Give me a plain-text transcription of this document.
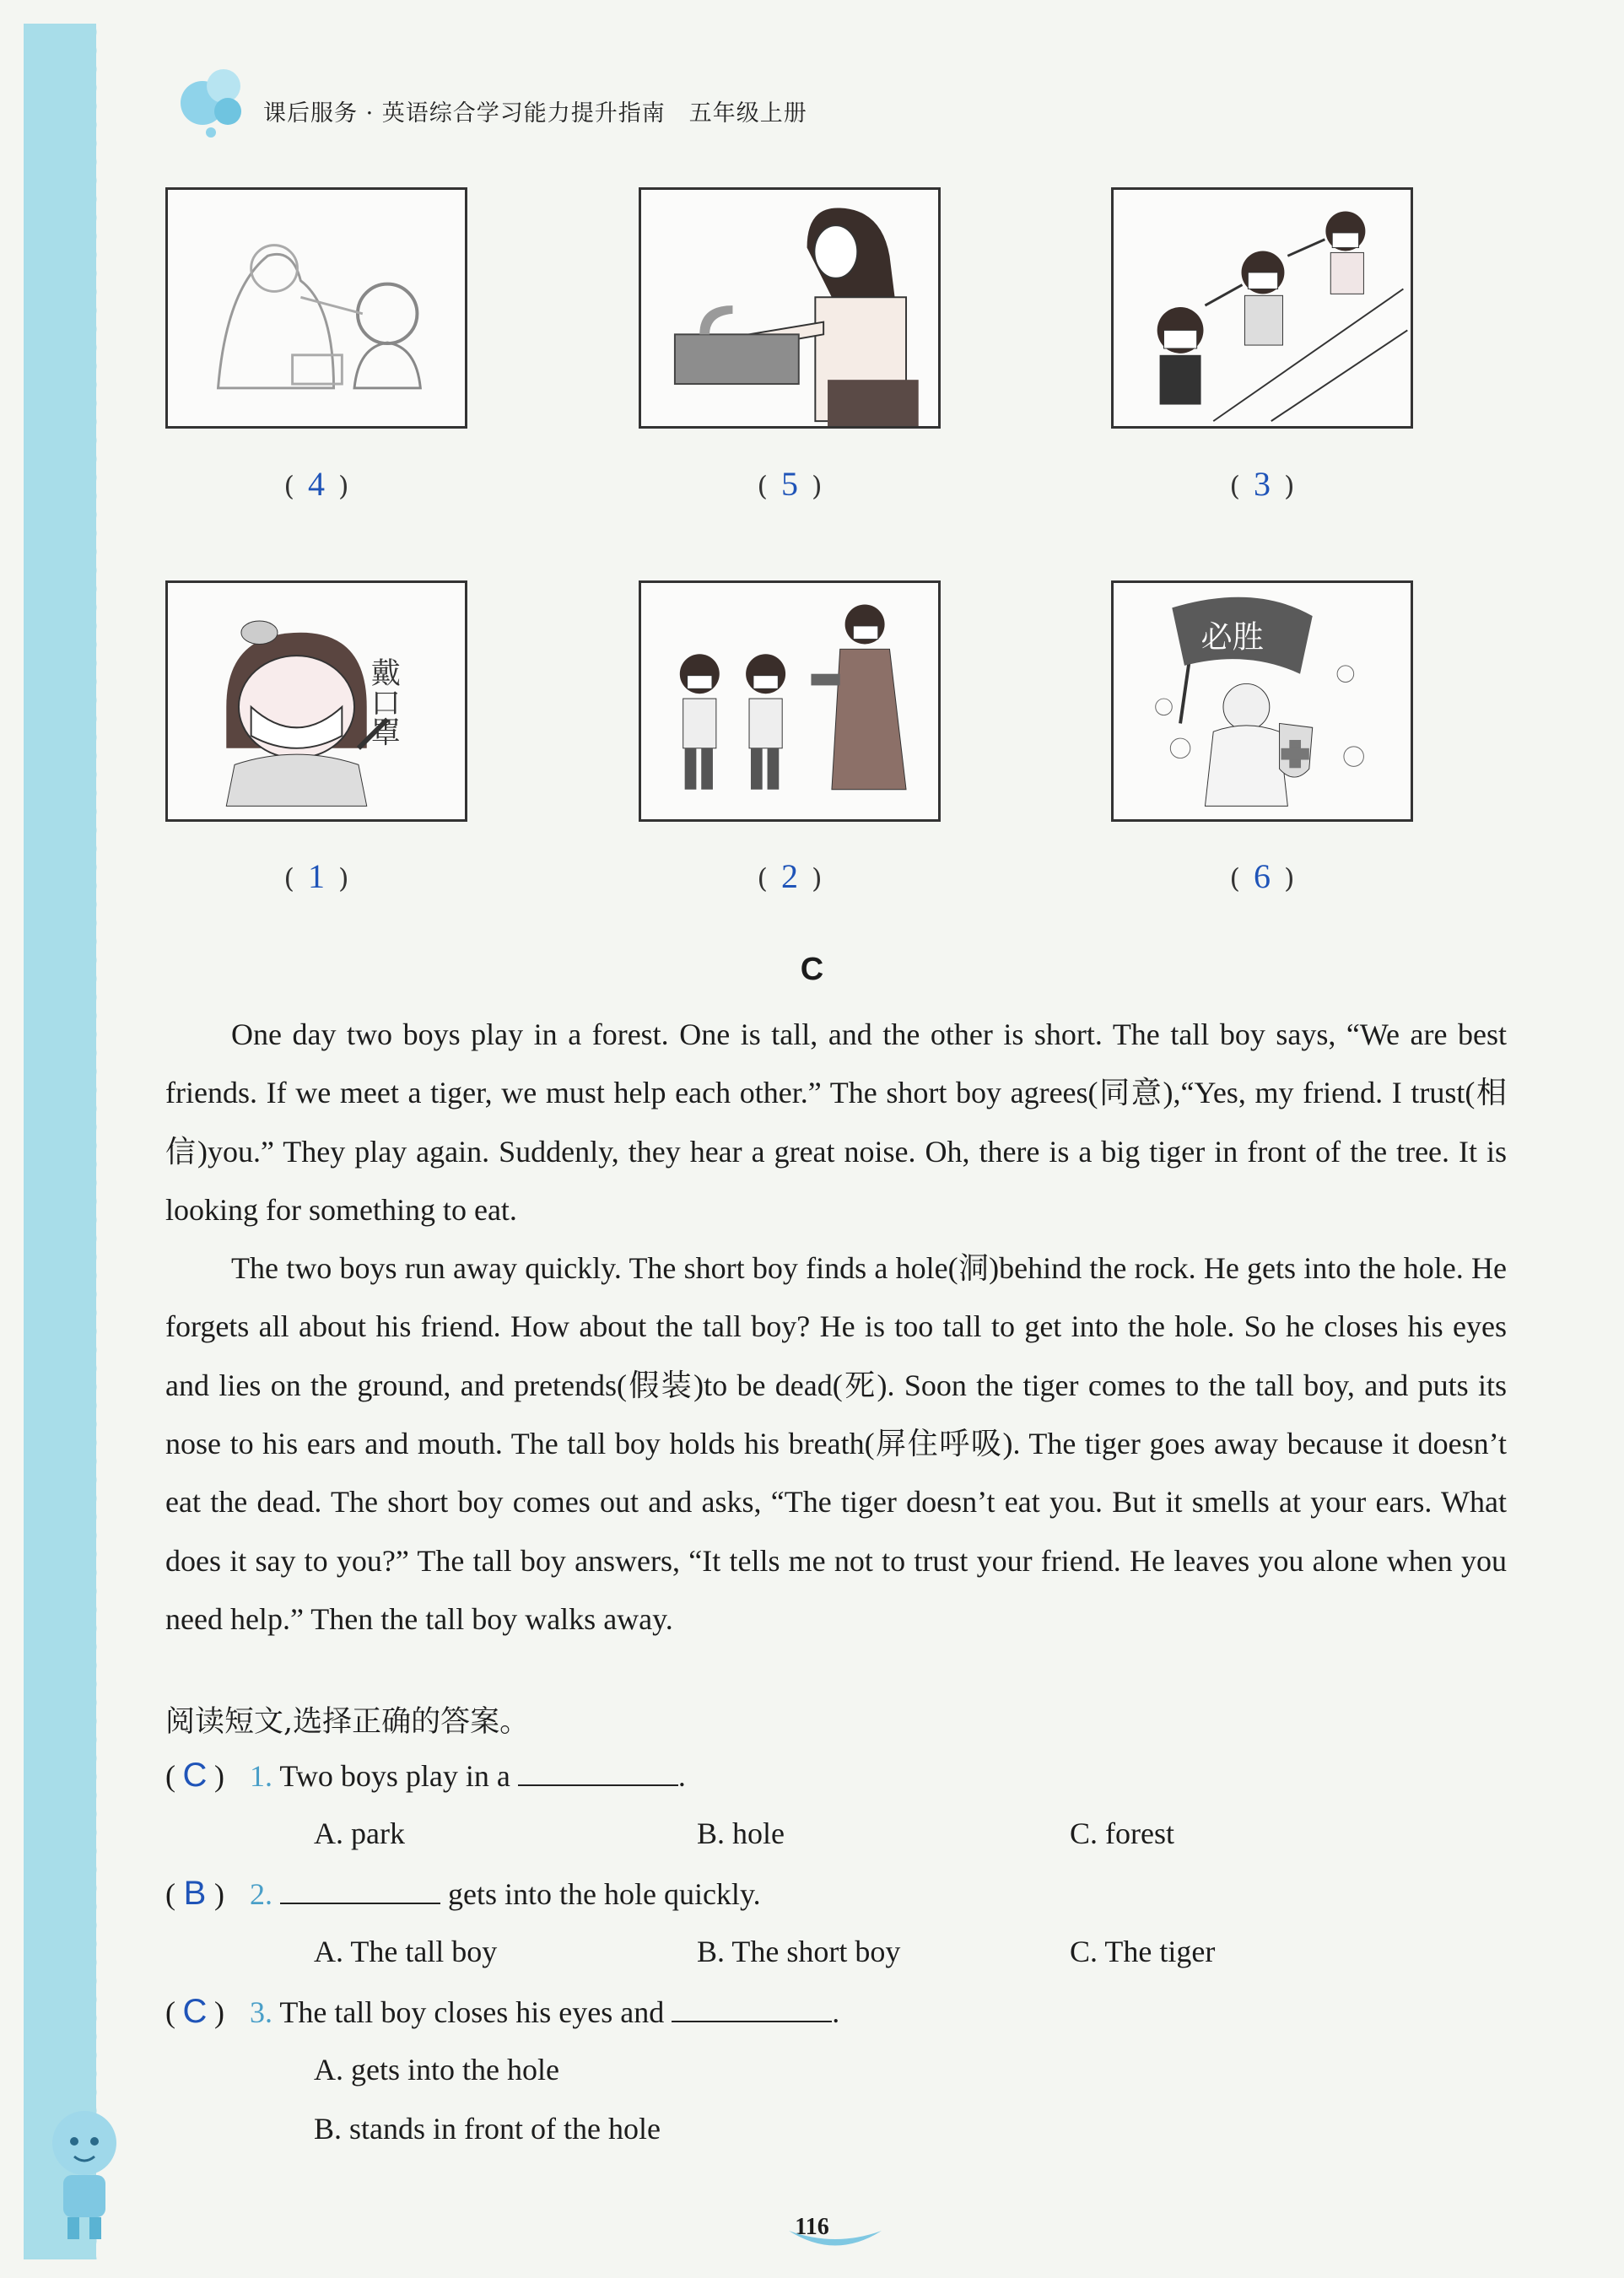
课后服务 · 英语综合学习能力提升指南　五年级上册
( 4 )	( 5 )	( 3 )
戴口罩
必胜
( 1 )	( 2 )	( 6 )
C

One day two boys play in a forest. One is tall, and the other is short. The tall boy says, “We are best friends. If we meet a tiger, we must help each other.” The short boy agrees(同意),“Yes, my friend. I trust(相信)you.” They play again. Suddenly, they hear a great noise. Oh, there is a big tiger in front of the tree. It is looking for something to eat.

The two boys run away quickly. The short boy finds a hole(洞)behind the rock. He gets into the hole. He forgets all about his friend. How about the tall boy? He is too tall to get into the hole. So he closes his eyes and lies on the ground, and pretends(假装)to be dead(死). Soon the tiger comes to the tall boy, and puts its nose to his ears and mouth. The tall boy holds his breath(屏住呼吸). The tiger goes away because it doesn’t eat the dead. The short boy comes out and asks, “The tiger doesn’t eat you. But it smells at your ears. What does it say to you?” The tall boy answers, “It tells me not to trust your friend. He leaves you alone when you need help.” Then the tall boy walks away.

阅读短文,选择正确的答案。
( C ) 1. Two boys play in a	.
A. park	B. hole	C. forest
( B ) 2.	gets into the hole quickly.
A. The tall boy	B. The short boy	C. The tiger
( C ) 3. The tall boy closes his eyes and	.
A. gets into the hole
B. stands in front of the hole
116
